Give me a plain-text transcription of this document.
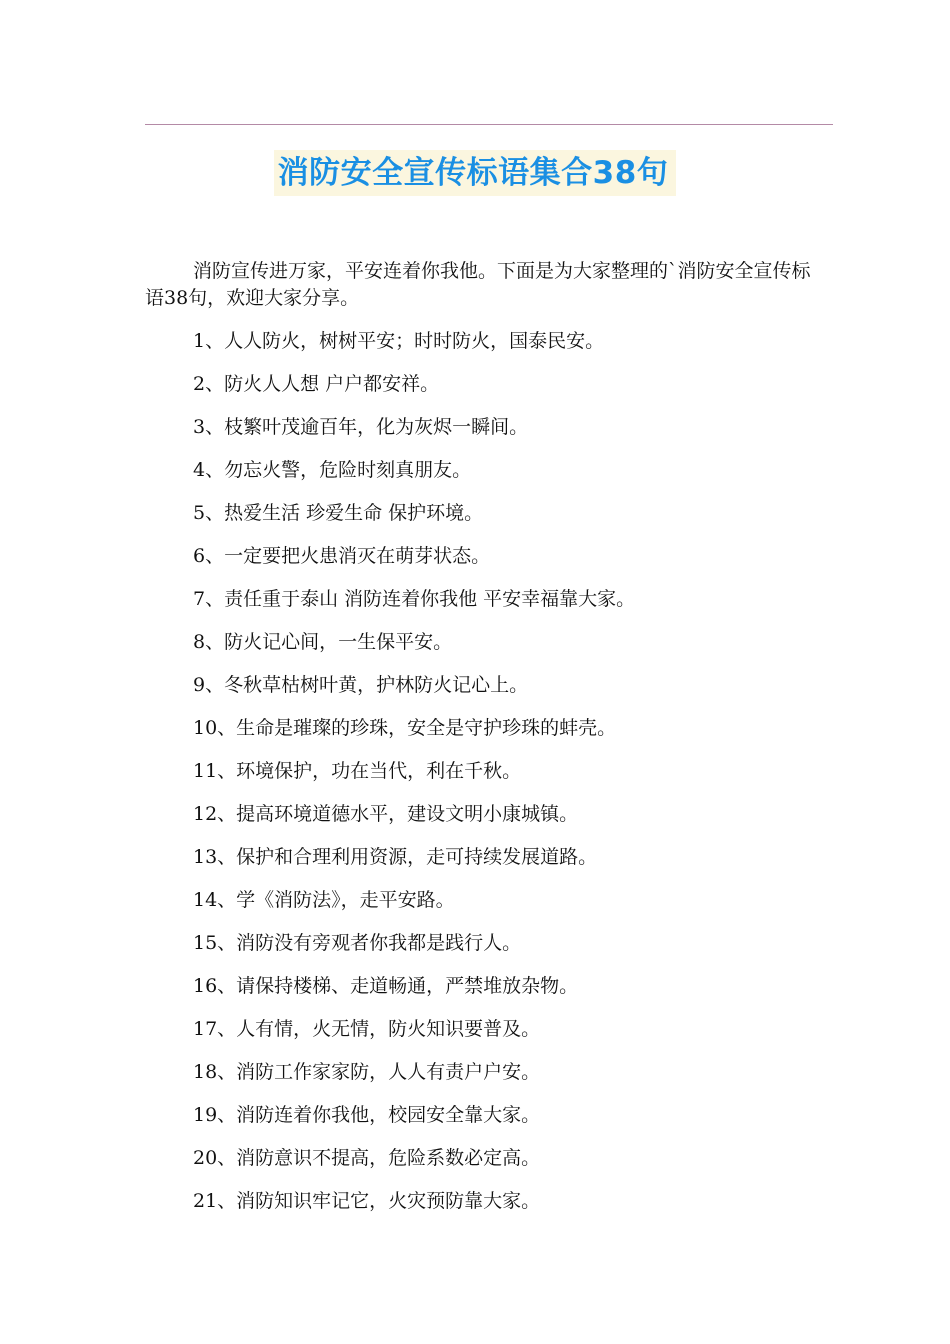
消防安全宣传标语集合38句

消防宣传进万家，平安连着你我他。下面是为大家整理的`消防安全宣传标语38句，欢迎大家分享。

1、人人防火，树树平安；时时防火，国泰民安。
2、防火人人想 户户都安祥。
3、枝繁叶茂逾百年，化为灰烬一瞬间。
4、勿忘火警，危险时刻真朋友。
5、热爱生活 珍爱生命 保护环境。
6、一定要把火患消灭在萌芽状态。
7、责任重于泰山 消防连着你我他 平安幸福靠大家。
8、防火记心间，一生保平安。
9、冬秋草枯树叶黄，护林防火记心上。
10、生命是璀璨的珍珠，安全是守护珍珠的蚌壳。
11、环境保护，功在当代，利在千秋。
12、提高环境道德水平，建设文明小康城镇。
13、保护和合理利用资源，走可持续发展道路。
14、学《消防法》，走平安路。
15、消防没有旁观者你我都是践行人。
16、请保持楼梯、走道畅通，严禁堆放杂物。
17、人有情，火无情，防火知识要普及。
18、消防工作家家防，人人有责户户安。
19、消防连着你我他，校园安全靠大家。
20、消防意识不提高，危险系数必定高。
21、消防知识牢记它，火灾预防靠大家。
